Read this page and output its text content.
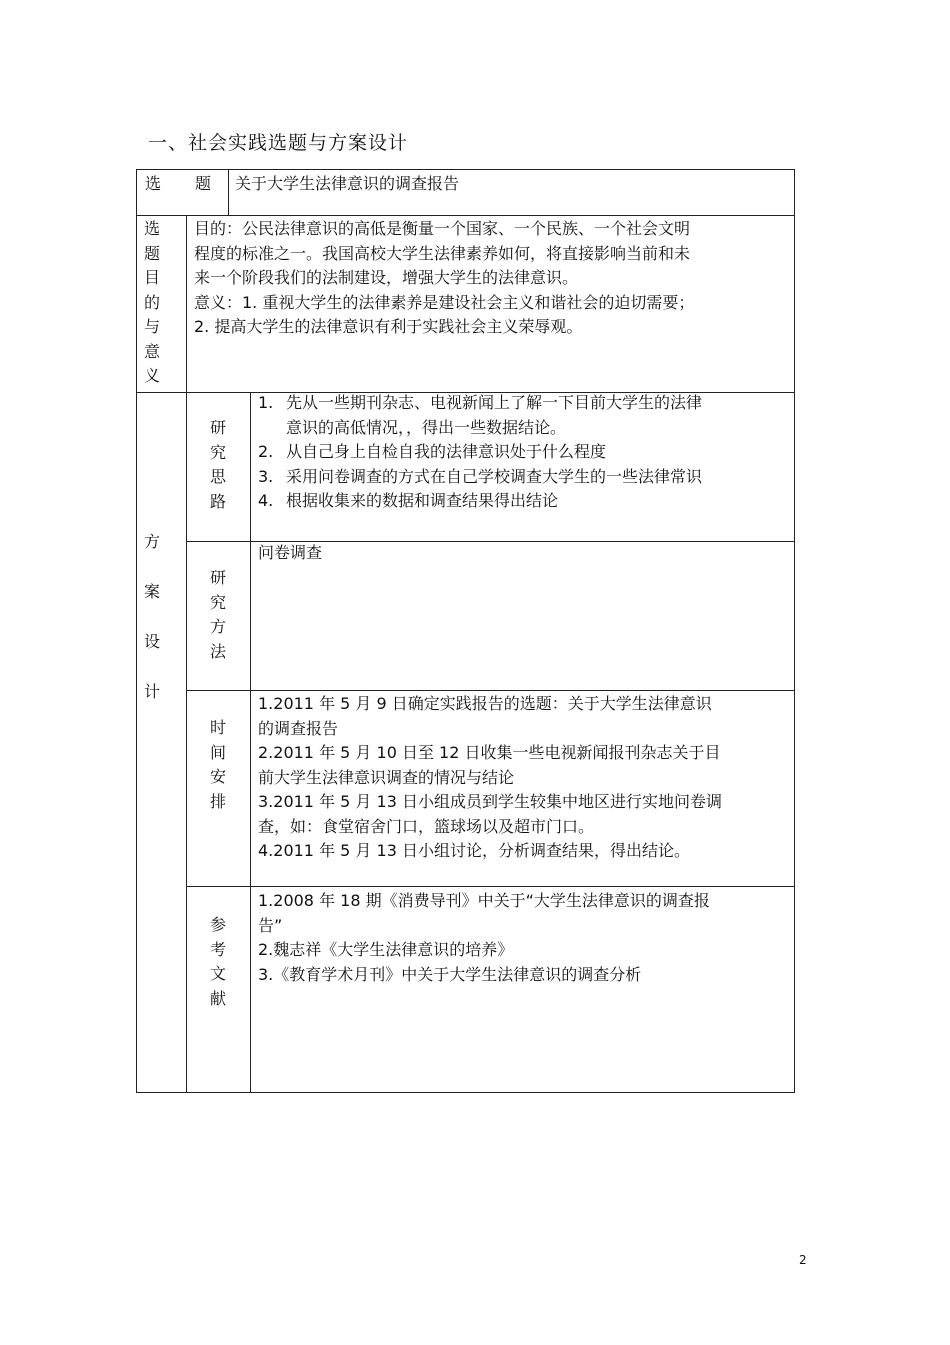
一、社会实践选题与方案设计
选 题	关于大学生法律意识的调查报告
选
题
目
的
与
意
义
目的：公民法律意识的高低是衡量一个国家、一个民族、一个社会文明
程度的标准之一。我国高校大学生法律素养如何，将直接影响当前和未
来一个阶段我们的法制建设，增强大学生的法律意识。
意义：1. 重视大学生的法律素养是建设社会主义和谐社会的迫切需要；
2. 提高大学生的法律意识有利于实践社会主义荣辱观。
方
案
设
计
研
究
思
路
1. 先从一些期刊杂志、电视新闻上了解一下目前大学生的法律
意识的高低情况，，得出一些数据结论。
2. 从自己身上自检自我的法律意识处于什么程度
3. 采用问卷调查的方式在自己学校调查大学生的一些法律常识
4. 根据收集来的数据和调查结果得出结论
研
究
方
法
问卷调查
时
间
安
排
1.2011 年 5 月 9 日确定实践报告的选题：关于大学生法律意识
的调查报告
2.2011 年 5 月 10 日至 12 日收集一些电视新闻报刊杂志关于目
前大学生法律意识调查的情况与结论
3.2011 年 5 月 13 日小组成员到学生较集中地区进行实地问卷调
查，如：食堂宿舍门口，篮球场以及超市门口。
4.2011 年 5 月 13 日小组讨论，分析调查结果，得出结论。
参
考
文
献
1.2008 年 18 期《消费导刊》中关于“大学生法律意识的调查报
告”
2.魏志祥《大学生法律意识的培养》
3.《教育学术月刊》中关于大学生法律意识的调查分析
2
